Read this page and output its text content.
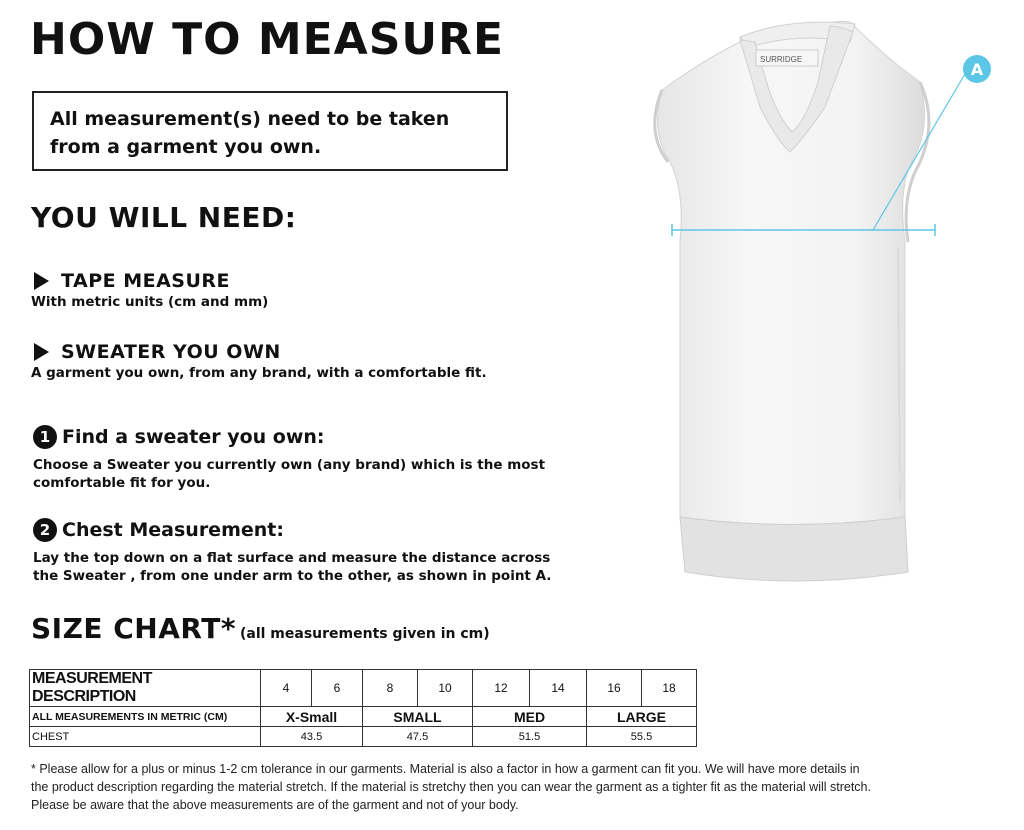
HOW TO MEASURE
All measurement(s) need to be taken from a garment you own.
YOU WILL NEED:
TAPE MEASURE
With metric units (cm and mm)
SWEATER YOU OWN
A garment you own, from any brand, with a comfortable fit.
1 Find a sweater you own:
Choose a Sweater you currently own (any brand) which is the most comfortable fit for you.
2 Chest Measurement:
Lay the top down on a flat surface and measure the distance across the Sweater , from one under arm to the other, as shown in point A.
SIZE CHART* (all measurements given in cm)
MEASUREMENT DESCRIPTION	4	6	8	10	12	14	16	18
ALL MEASUREMENTS IN METRIC (CM)	X-Small		SMALL		MED		LARGE	
CHEST	43.5		47.5		51.5		55.5	
* Please allow for a plus or minus 1-2 cm tolerance in our garments. Material is also a factor in how a garment can fit you. We will have more details in the product description regarding the material stretch. If the material is stretchy then you can wear the garment as a tighter fit as the material will stretch. Please be aware that the above measurements are of the garment and not of your body.
SURRIDGE	A
